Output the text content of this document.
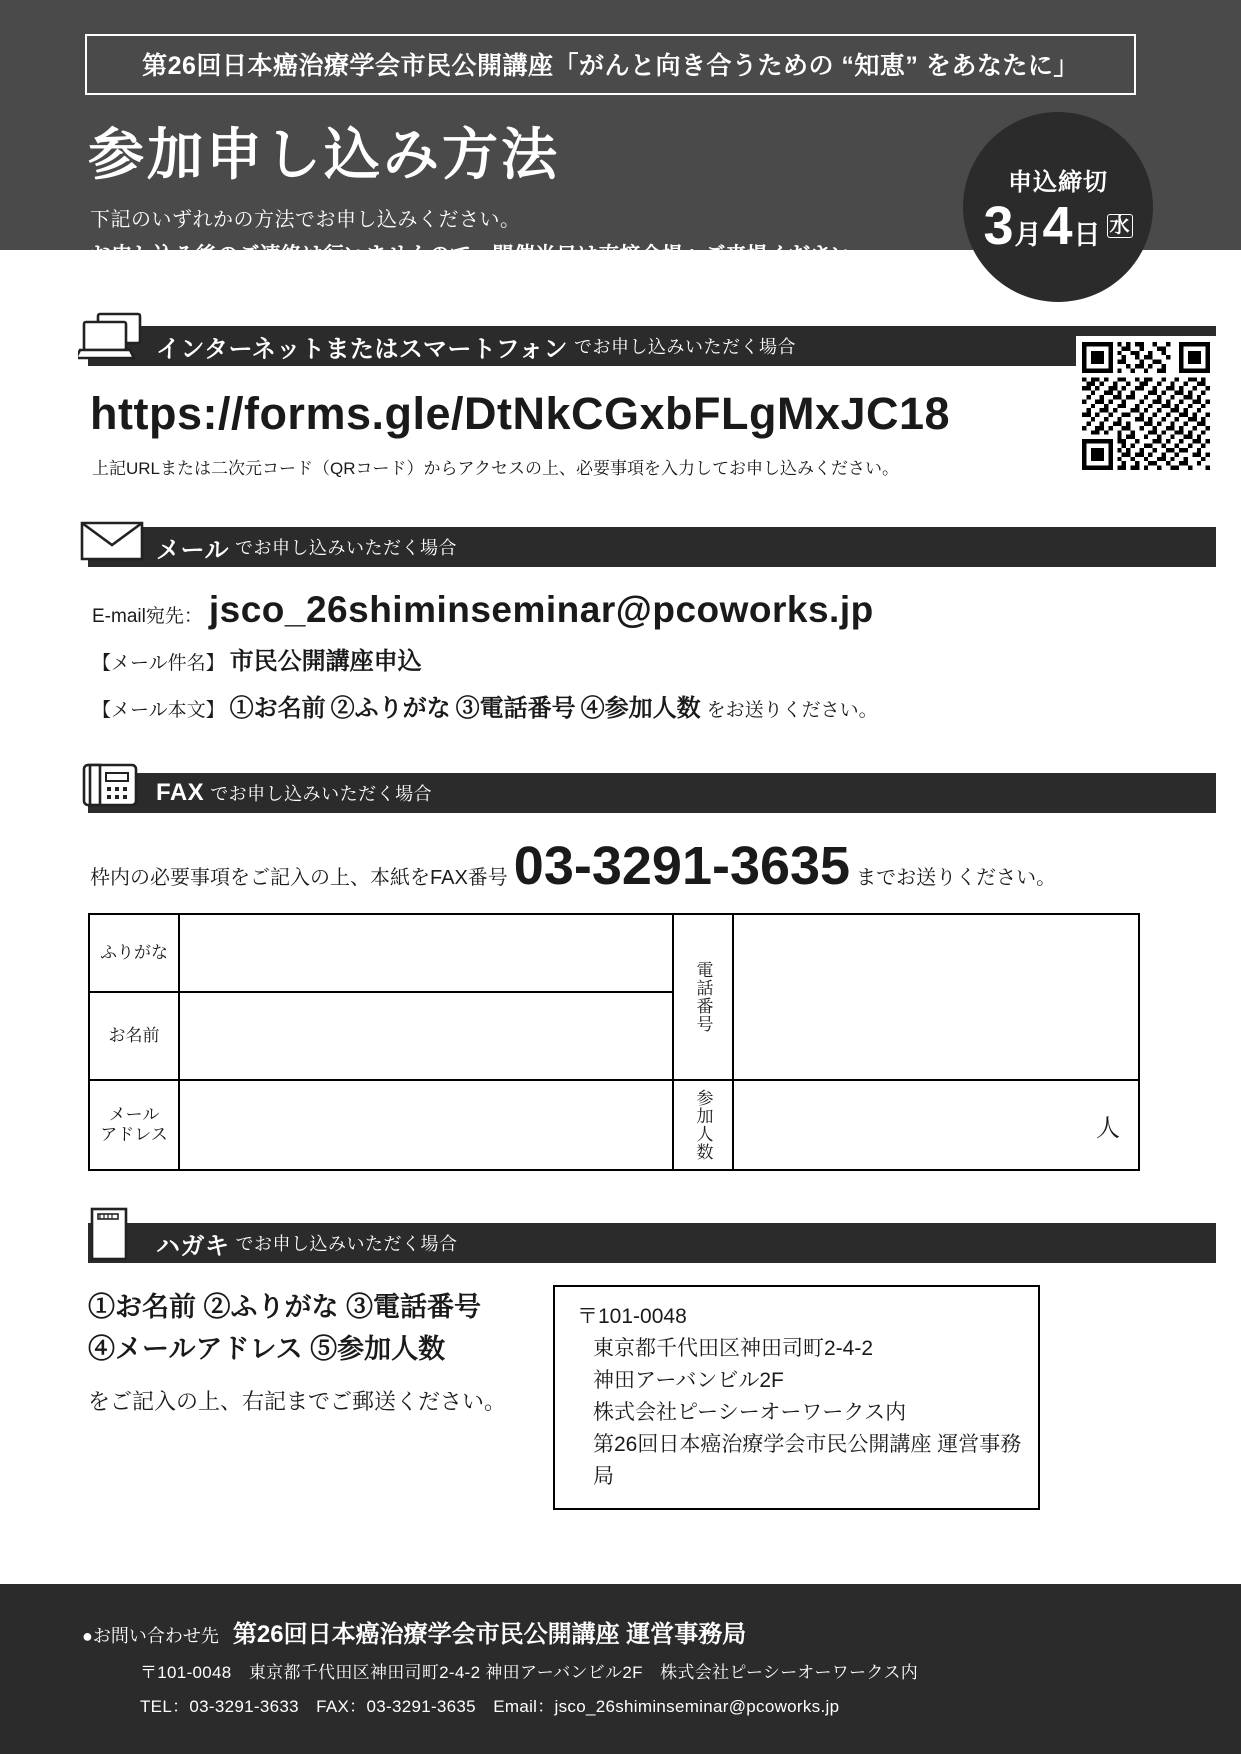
第26回日本癌治療学会市民公開講座「がんと向き合うための “知恵” をあなたに」
参加申し込み方法
下記のいずれかの方法でお申し込みください。
お申し込み後のご連絡は行いませんので、開催当日は直接会場へご来場ください。
※会場の席数に限りがございます。満席の場合にはご連絡する場合がございますのでご了承ください。
申込締切
3 月 4 日 水
インターネットまたはスマートフォン でお申し込みいただく場合
https://forms.gle/DtNkCGxbFLgMxJC18
上記URLまたは二次元コード（QRコード）からアクセスの上、必要事項を入力してお申し込みください。
メール でお申し込みいただく場合
E-mail宛先： jsco_26shiminseminar@pcoworks.jp
【メール件名】 市民公開講座申込
【メール本文】 ①お名前 ②ふりがな ③電話番号 ④参加人数 をお送りください。
FAX でお申し込みいただく場合
枠内の必要事項をご記入の上、本紙をFAX番号 03-3291-3635 までお送りください。
ふりがな		電話番号	

お名前			

メール
アドレス		参加人数	人
ハガキ でお申し込みいただく場合
①お名前 ②ふりがな ③電話番号
④メールアドレス ⑤参加人数
をご記入の上、右記までご郵送ください。
〒101-0048
東京都千代田区神田司町2-4-2
神田アーバンビル2F
株式会社ピーシーオーワークス内
第26回日本癌治療学会市民公開講座 運営事務局
● お問い合わせ先 第26回日本癌治療学会市民公開講座 運営事務局
〒101-0048　東京都千代田区神田司町2-4-2 神田アーバンビル2F　株式会社ピーシーオーワークス内
TEL：03-3291-3633　FAX：03-3291-3635　Email：jsco_26shiminseminar@pcoworks.jp
